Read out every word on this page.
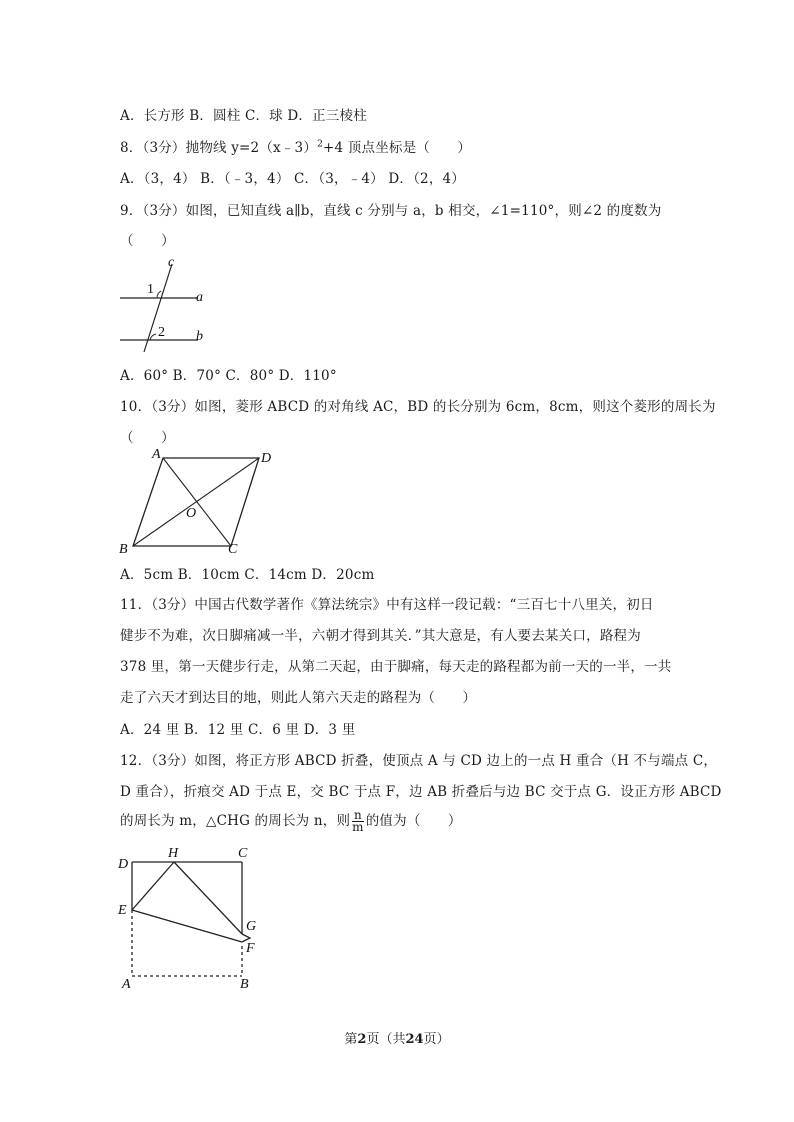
A．长方形 B．圆柱 C．球 D．正三棱柱
8．（3分）抛物线 y=2（x﹣3）$^2$+4 顶点坐标是（　　）
A．（3，4） B．（﹣3，4） C．（3，﹣4） D．（2，4）
9．（3分）如图，已知直线 a∥b，直线 c 分别与 a，b 相交，∠1=110°，则∠2 的度数为
（　　）
c
a
b
1
2
A．60° B．70° C．80° D．110°
10．（3分）如图，菱形 ABCD 的对角线 AC，BD 的长分别为 6cm，8cm，则这个菱形的周长为
（　　）
A	D
B	C
O
A．5cm B．10cm C．14cm D．20cm
11．（3分）中国古代数学著作《算法统宗》中有这样一段记载：“三百七十八里关，初日
健步不为难，次日脚痛减一半，六朝才得到其关．”其大意是，有人要去某关口，路程为
378 里，第一天健步行走，从第二天起，由于脚痛，每天走的路程都为前一天的一半，一共
走了六天才到达目的地，则此人第六天走的路程为（　　）
A．24 里 B．12 里 C．6 里 D．3 里
12．（3分）如图，将正方形 ABCD 折叠，使顶点 A 与 CD 边上的一点 H 重合（H 不与端点 C，
D 重合），折痕交 AD 于点 E，交 BC 于点 F，边 AB 折叠后与边 BC 交于点 G．设正方形 ABCD
的周长为 m，△CHG 的周长为 n，则 $\frac{n}{m}$ 的值为（　　）
D
H	C
E
G
F
A	B
第2页（共24页）
